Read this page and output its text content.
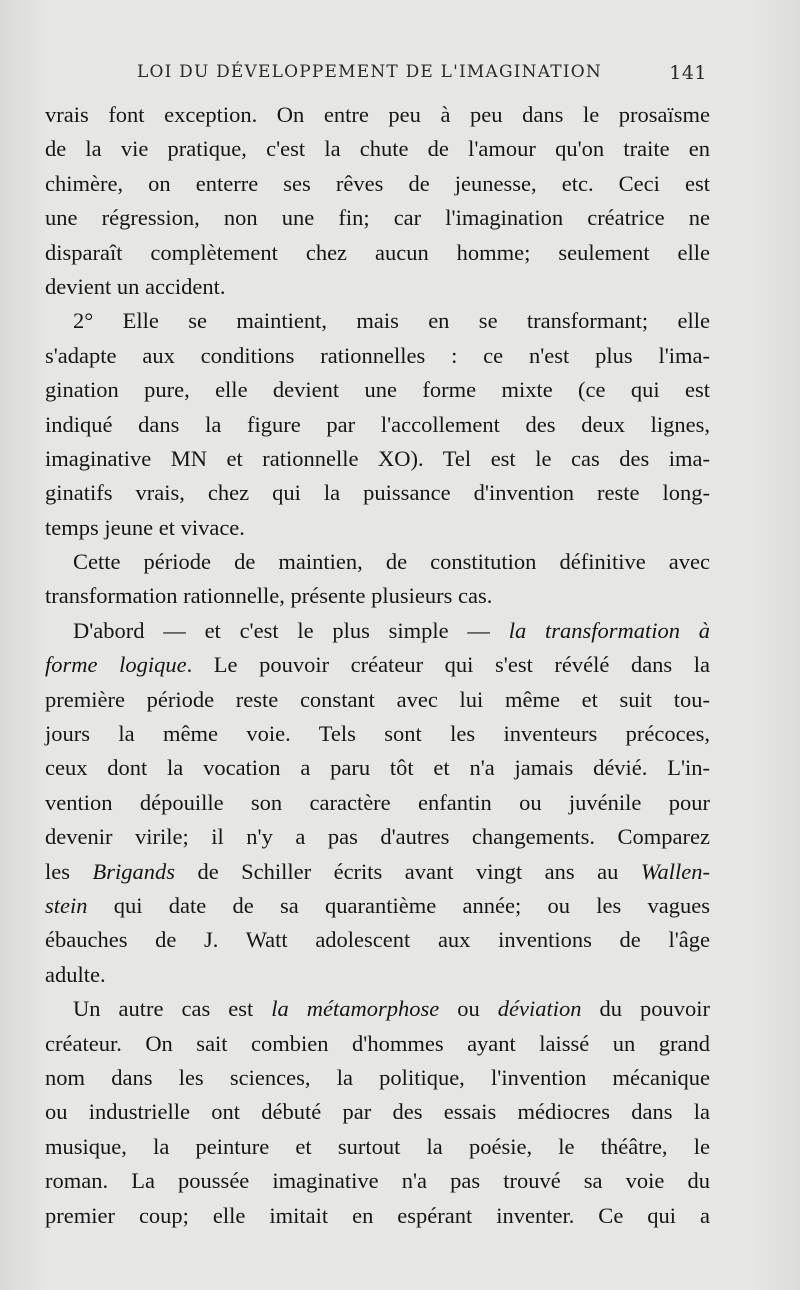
LOI DU DÉVELOPPEMENT DE L'IMAGINATION	141
vrais font exception. On entre peu à peu dans le prosaïsme
de la vie pratique, c'est la chute de l'amour qu'on traite en
chimère, on enterre ses rêves de jeunesse, etc. Ceci est
une régression, non une fin; car l'imagination créatrice ne
disparaît complètement chez aucun homme; seulement elle
devient un accident.
2° Elle se maintient, mais en se transformant; elle
s'adapte aux conditions rationnelles : ce n'est plus l'ima-
gination pure, elle devient une forme mixte (ce qui est
indiqué dans la figure par l'accollement des deux lignes,
imaginative MN et rationnelle XO). Tel est le cas des ima-
ginatifs vrais, chez qui la puissance d'invention reste long-
temps jeune et vivace.
Cette période de maintien, de constitution définitive avec
transformation rationnelle, présente plusieurs cas.
D'abord — et c'est le plus simple — la transformation à
forme logique. Le pouvoir créateur qui s'est révélé dans la
première période reste constant avec lui même et suit tou-
jours la même voie. Tels sont les inventeurs précoces,
ceux dont la vocation a paru tôt et n'a jamais dévié. L'in-
vention dépouille son caractère enfantin ou juvénile pour
devenir virile; il n'y a pas d'autres changements. Comparez
les Brigands de Schiller écrits avant vingt ans au Wallen-
stein qui date de sa quarantième année; ou les vagues
ébauches de J. Watt adolescent aux inventions de l'âge
adulte.
Un autre cas est la métamorphose ou déviation du pouvoir
créateur. On sait combien d'hommes ayant laissé un grand
nom dans les sciences, la politique, l'invention mécanique
ou industrielle ont débuté par des essais médiocres dans la
musique, la peinture et surtout la poésie, le théâtre, le
roman. La poussée imaginative n'a pas trouvé sa voie du
premier coup; elle imitait en espérant inventer. Ce qui a
